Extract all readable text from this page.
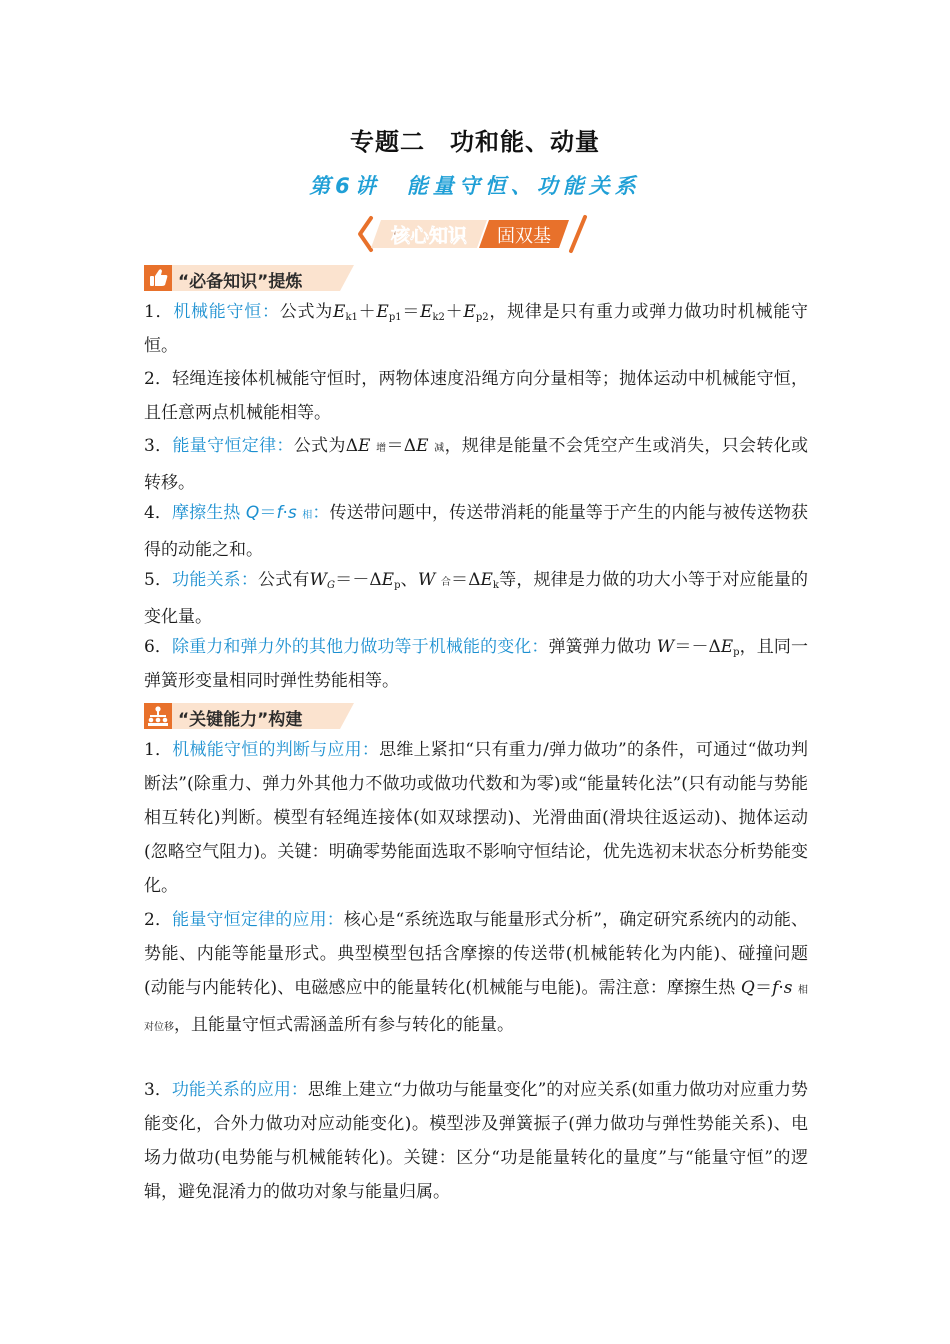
专题二　功和能、动量
第6讲　能量守恒、功能关系
核心知识 固双基
“必备知识”提炼

1．机械能守恒：公式为$E_{k1}+E_{p1}=E_{k2}+E_{p2}$，规律是只有重力或弹力做功时机械能守恒。

2．轻绳连接体机械能守恒时，两物体速度沿绳方向分量相等；抛体运动中机械能守恒，且任意两点机械能相等。

3．能量守恒定律：公式为ΔE 增＝ΔE 减，规律是能量不会凭空产生或消失，只会转化或转移。

4．摩擦生热 Q＝f·s 相：传送带问题中，传送带消耗的能量等于产生的内能与被传送物获得的动能之和。

5．功能关系：公式有$W_G=-\Delta E_p$、W 合$=\Delta E_k$等，规律是力做的功大小等于对应能量的变化量。

6．除重力和弹力外的其他力做功等于机械能的变化：弹簧弹力做功 $W=-\Delta E_p$，且同一弹簧形变量相同时弹性势能相等。

“关键能力”构建

1．机械能守恒的判断与应用：思维上紧扣“只有重力/弹力做功”的条件，可通过“做功判断法”(除重力、弹力外其他力不做功或做功代数和为零)或“能量转化法”(只有动能与势能相互转化)判断。模型有轻绳连接体(如双球摆动)、光滑曲面(滑块往返运动)、抛体运动(忽略空气阻力)。关键：明确零势能面选取不影响守恒结论，优先选初末状态分析势能变化。

2．能量守恒定律的应用：核心是“系统选取与能量形式分析”，确定研究系统内的动能、势能、内能等能量形式。典型模型包括含摩擦的传送带(机械能转化为内能)、碰撞问题(动能与内能转化)、电磁感应中的能量转化(机械能与电能)。需注意：摩擦生热 Q＝f·s 相对位移，且能量守恒式需涵盖所有参与转化的能量。

3．功能关系的应用：思维上建立“力做功与能量变化”的对应关系(如重力做功对应重力势能变化，合外力做功对应动能变化)。模型涉及弹簧振子(弹力做功与弹性势能关系)、电场力做功(电势能与机械能转化)。关键：区分“功是能量转化的量度”与“能量守恒”的逻辑，避免混淆力的做功对象与能量归属。
